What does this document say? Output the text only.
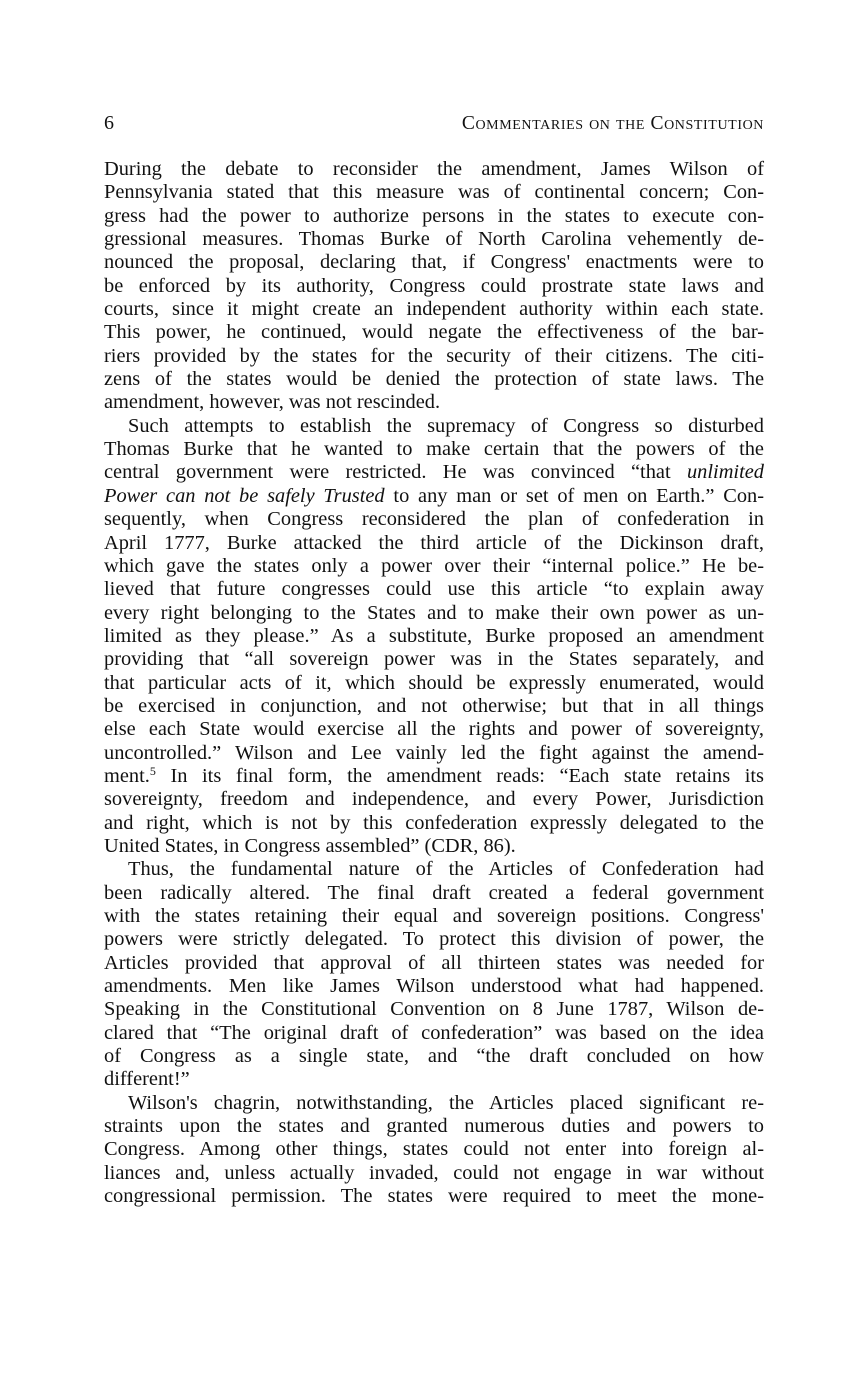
6	Commentaries on the Constitution

During the debate to reconsider the amendment, James Wilson of
Pennsylvania stated that this measure was of continental concern; Con-
gress had the power to authorize persons in the states to execute con-
gressional measures. Thomas Burke of North Carolina vehemently de-
nounced the proposal, declaring that, if Congress' enactments were to
be enforced by its authority, Congress could prostrate state laws and
courts, since it might create an independent authority within each state.
This power, he continued, would negate the effectiveness of the bar-
riers provided by the states for the security of their citizens. The citi-
zens of the states would be denied the protection of state laws. The
amendment, however, was not rescinded.

Such attempts to establish the supremacy of Congress so disturbed
Thomas Burke that he wanted to make certain that the powers of the
central government were restricted. He was convinced “that unlimited
Power can not be safely Trusted to any man or set of men on Earth.” Con-
sequently, when Congress reconsidered the plan of confederation in
April 1777, Burke attacked the third article of the Dickinson draft,
which gave the states only a power over their “internal police.” He be-
lieved that future congresses could use this article “to explain away
every right belonging to the States and to make their own power as un-
limited as they please.” As a substitute, Burke proposed an amendment
providing that “all sovereign power was in the States separately, and
that particular acts of it, which should be expressly enumerated, would
be exercised in conjunction, and not otherwise; but that in all things
else each State would exercise all the rights and power of sovereignty,
uncontrolled.” Wilson and Lee vainly led the fight against the amend-
ment.$^5$ In its final form, the amendment reads: “Each state retains its
sovereignty, freedom and independence, and every Power, Jurisdiction
and right, which is not by this confederation expressly delegated to the
United States, in Congress assembled” (CDR, 86).

Thus, the fundamental nature of the Articles of Confederation had
been radically altered. The final draft created a federal government
with the states retaining their equal and sovereign positions. Congress'
powers were strictly delegated. To protect this division of power, the
Articles provided that approval of all thirteen states was needed for
amendments. Men like James Wilson understood what had happened.
Speaking in the Constitutional Convention on 8 June 1787, Wilson de-
clared that “The original draft of confederation” was based on the idea
of Congress as a single state, and “the draft concluded on how
different!”

Wilson's chagrin, notwithstanding, the Articles placed significant re-
straints upon the states and granted numerous duties and powers to
Congress. Among other things, states could not enter into foreign al-
liances and, unless actually invaded, could not engage in war without
congressional permission. The states were required to meet the mone-
